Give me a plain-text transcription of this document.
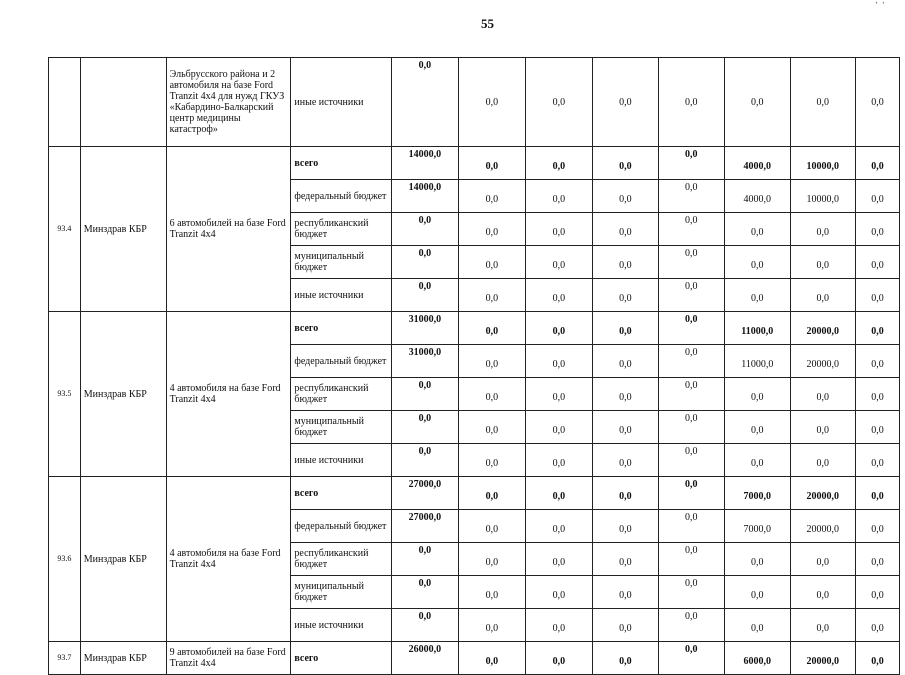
55
ˈ ˈ
		Эльбрусского района и 2 автомобиля на базе Ford Tranzit 4x4 для нужд ГКУЗ «Кабардино-Балкарский центр медицины катастроф»	иные источники	0,0	0,0	0,0	0,0	0,0	0,0	0,0	0,0
93.4	Минздрав КБР	6 автомобилей на базе Ford Tranzit 4x4	всего	14000,0	0,0	0,0	0,0	0,0	4000,0	10000,0	0,0
			федеральный бюджет	14000,0	0,0	0,0	0,0	0,0	4000,0	10000,0	0,0
			республиканский бюджет	0,0	0,0	0,0	0,0	0,0	0,0	0,0	0,0
			муниципальный бюджет	0,0	0,0	0,0	0,0	0,0	0,0	0,0	0,0
			иные источники	0,0	0,0	0,0	0,0	0,0	0,0	0,0	0,0
93.5	Минздрав КБР	4 автомобиля на базе Ford Tranzit 4x4	всего	31000,0	0,0	0,0	0,0	0,0	11000,0	20000,0	0,0
			федеральный бюджет	31000,0	0,0	0,0	0,0	0,0	11000,0	20000,0	0,0
			республиканский бюджет	0,0	0,0	0,0	0,0	0,0	0,0	0,0	0,0
			муниципальный бюджет	0,0	0,0	0,0	0,0	0,0	0,0	0,0	0,0
			иные источники	0,0	0,0	0,0	0,0	0,0	0,0	0,0	0,0
93.6	Минздрав КБР	4 автомобиля на базе Ford Tranzit 4x4	всего	27000,0	0,0	0,0	0,0	0,0	7000,0	20000,0	0,0
			федеральный бюджет	27000,0	0,0	0,0	0,0	0,0	7000,0	20000,0	0,0
			республиканский бюджет	0,0	0,0	0,0	0,0	0,0	0,0	0,0	0,0
			муниципальный бюджет	0,0	0,0	0,0	0,0	0,0	0,0	0,0	0,0
			иные источники	0,0	0,0	0,0	0,0	0,0	0,0	0,0	0,0
93.7	Минздрав КБР	9 автомобилей на базе Ford Tranzit 4x4	всего	26000,0	0,0	0,0	0,0	0,0	6000,0	20000,0	0,0
